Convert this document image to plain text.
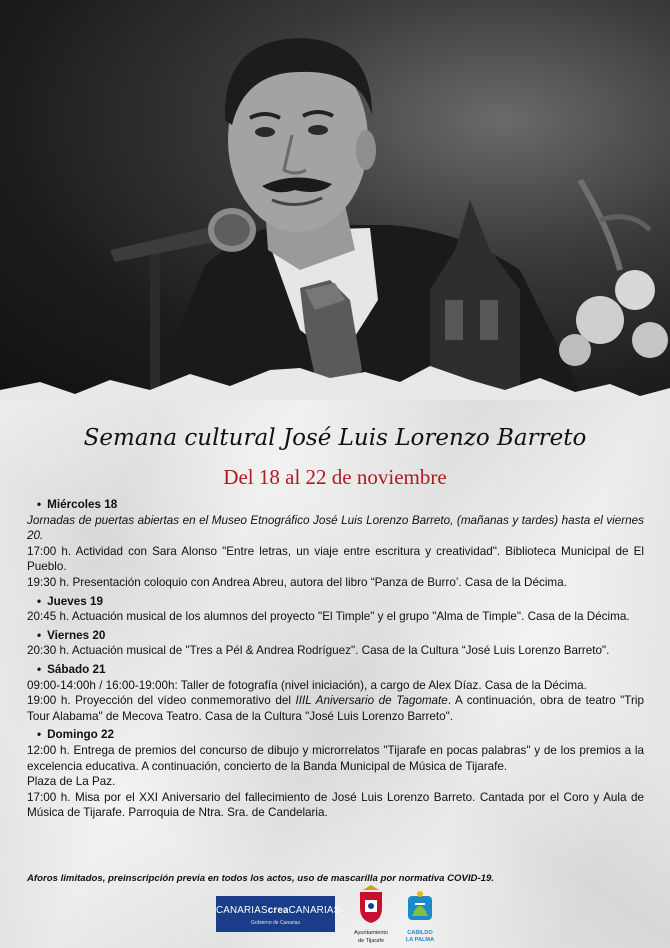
Semana cultural José Luis Lorenzo Barreto
Del 18 al 22 de noviembre
• Miércoles 18
Jornadas de puertas abiertas en el Museo Etnográfico José Luis Lorenzo Barreto, (mañanas y tardes) hasta el viernes 20.
17:00 h. Actividad con Sara Alonso "Entre letras, un viaje entre escritura y creatividad". Biblioteca Municipal de El Pueblo.
19:30 h. Presentación coloquio con Andrea Abreu, autora del libro “Panza de Burro’. Casa de la Décima.
• Jueves 19
20:45 h. Actuación musical de los alumnos del proyecto "El Timple" y el grupo "Alma de Timple". Casa de la Décima.
• Viernes 20
20:30 h. Actuación musical de "Tres a Pél & Andrea Rodríguez". Casa de la Cultura “José Luis Lorenzo Barreto".
• Sábado 21
09:00-14:00h / 16:00-19:00h: Taller de fotografía (nivel iniciación), a cargo de Alex Díaz. Casa de la Décima.
19:00 h. Proyección del vídeo conmemorativo del IIIL Aniversario de Tagomate. A continuación, obra de teatro "Trip Tour Alabama" de Mecova Teatro. Casa de la Cultura "José Luis Lorenzo Barreto".
• Domingo 22
12:00 h. Entrega de premios del concurso de dibujo y microrrelatos "Tijarafe en pocas palabras" y de los premios a la excelencia educativa. A continuación, concierto de la Banda Municipal de Música de Tijarafe.
Plaza de La Paz.
17:00 h. Misa por el XXI Aniversario del fallecimiento de José Luis Lorenzo Barreto. Cantada por el Coro y Aula de Música de Tijarafe. Parroquia de Ntra. Sra. de Candelaria.
Aforos limitados, preinscripción previa en todos los actos, uso de mascarilla por normativa COVID-19.
CANARIAScreaCANARIAS
Gobierno de Canarias
Ayuntamiento
de Tijarafe
CABILDO
LA PALMA
